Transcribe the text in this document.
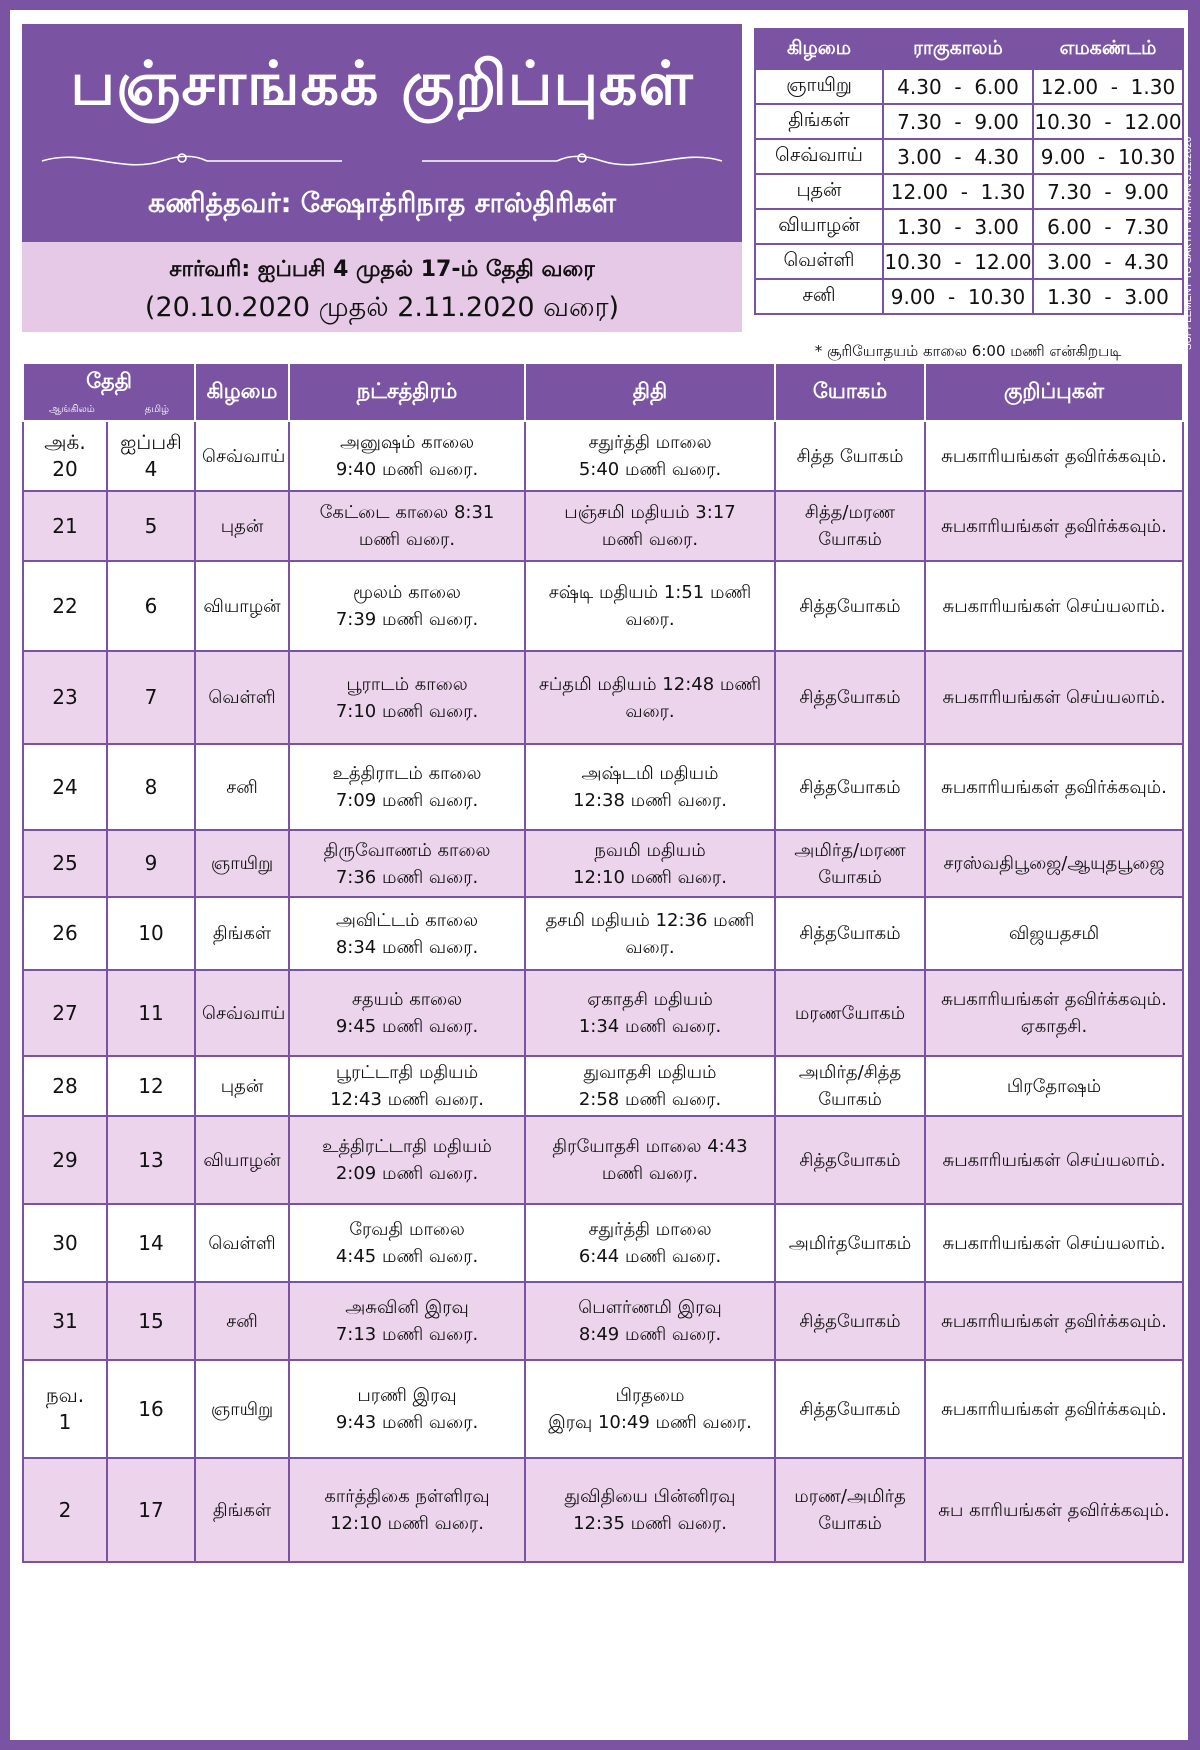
பஞ்சாங்கக் குறிப்புகள்
கணித்தவர்: சேஷாத்ரிநாத சாஸ்திரிகள்
சார்வரி: ஐப்பசி 4 முதல் 17-ம் தேதி வரை
(20.10.2020 முதல் 2.11.2020 வரை)
கிழமை	ராகுகாலம்	எமகண்டம்
ஞாயிறு	4.30  -  6.00	12.00  -  1.30
திங்கள்	7.30  -  9.00	10.30  -  12.00
செவ்வாய்	3.00  -  4.30	9.00  -  10.30
புதன்	12.00  -  1.30	7.30  -  9.00
வியாழன்	1.30  -  3.00	6.00  -  7.30
வெள்ளி	10.30  -  12.00	3.00  -  4.30
சனி	9.00  -  10.30	1.30  -  3.00
* சூரியோதயம் காலை 6:00 மணி என்கிறபடி
தேதி
ஆங்கிலம் தமிழ்		கிழமை	நட்சத்திரம்	திதி	யோகம்	குறிப்புகள்
அக்.
20	ஐப்பசி
4	செவ்வாய்	அனுஷம் காலை
9:40 மணி வரை.	சதுர்த்தி மாலை
5:40 மணி வரை.	சித்த யோகம்	சுபகாரியங்கள் தவிர்க்கவும்.
21	5	புதன்	கேட்டை காலை 8:31
மணி வரை.	பஞ்சமி மதியம் 3:17
மணி வரை.	சித்த/மரண
யோகம்	சுபகாரியங்கள் தவிர்க்கவும்.
22	6	வியாழன்	மூலம் காலை
7:39 மணி வரை.	சஷ்டி மதியம் 1:51 மணி வரை.	சித்தயோகம்	சுபகாரியங்கள் செய்யலாம்.
23	7	வெள்ளி	பூராடம் காலை
7:10 மணி வரை.	சப்தமி மதியம் 12:48 மணி
வரை.	சித்தயோகம்	சுபகாரியங்கள் செய்யலாம்.
24	8	சனி	உத்திராடம் காலை
7:09 மணி வரை.	அஷ்டமி மதியம்
12:38 மணி வரை.	சித்தயோகம்	சுபகாரியங்கள் தவிர்க்கவும்.
25	9	ஞாயிறு	திருவோணம் காலை
7:36 மணி வரை.	நவமி மதியம்
12:10 மணி வரை.	அமிர்த/மரண
யோகம்	சரஸ்வதிபூஜை/ஆயுதபூஜை
26	10	திங்கள்	அவிட்டம் காலை
8:34 மணி வரை.	தசமி மதியம் 12:36 மணி வரை.	சித்தயோகம்	விஜயதசமி
27	11	செவ்வாய்	சதயம் காலை
9:45 மணி வரை.	ஏகாதசி மதியம்
1:34 மணி வரை.	மரணயோகம்	சுபகாரியங்கள் தவிர்க்கவும்.
ஏகாதசி.
28	12	புதன்	பூரட்டாதி மதியம்
12:43 மணி வரை.	துவாதசி மதியம்
2:58 மணி வரை.	அமிர்த/சித்த
யோகம்	பிரதோஷம்
29	13	வியாழன்	உத்திரட்டாதி மதியம்
2:09 மணி வரை.	திரயோதசி மாலை 4:43
மணி வரை.	சித்தயோகம்	சுபகாரியங்கள் செய்யலாம்.
30	14	வெள்ளி	ரேவதி மாலை
4:45 மணி வரை.	சதுர்த்தி மாலை
6:44 மணி வரை.	அமிர்தயோகம்	சுபகாரியங்கள் செய்யலாம்.
31	15	சனி	அசுவினி இரவு
7:13 மணி வரை.	பௌர்ணமி இரவு
8:49 மணி வரை.	சித்தயோகம்	சுபகாரியங்கள் தவிர்க்கவும்.
நவ.
1	16	ஞாயிறு	பரணி இரவு
9:43 மணி வரை.	பிரதமை
இரவு 10:49 மணி வரை.	சித்தயோகம்	சுபகாரியங்கள் தவிர்க்கவும்.
2	17	திங்கள்	கார்த்திகை நள்ளிரவு
12:10 மணி வரை.	துவிதியை பின்னிரவு
12:35 மணி வரை.	மரண/அமிர்த
யோகம்	சுப காரியங்கள் தவிர்க்கவும்.
SUPPLEMENT TO SAKTHI VIKATAN 3.11.2020
